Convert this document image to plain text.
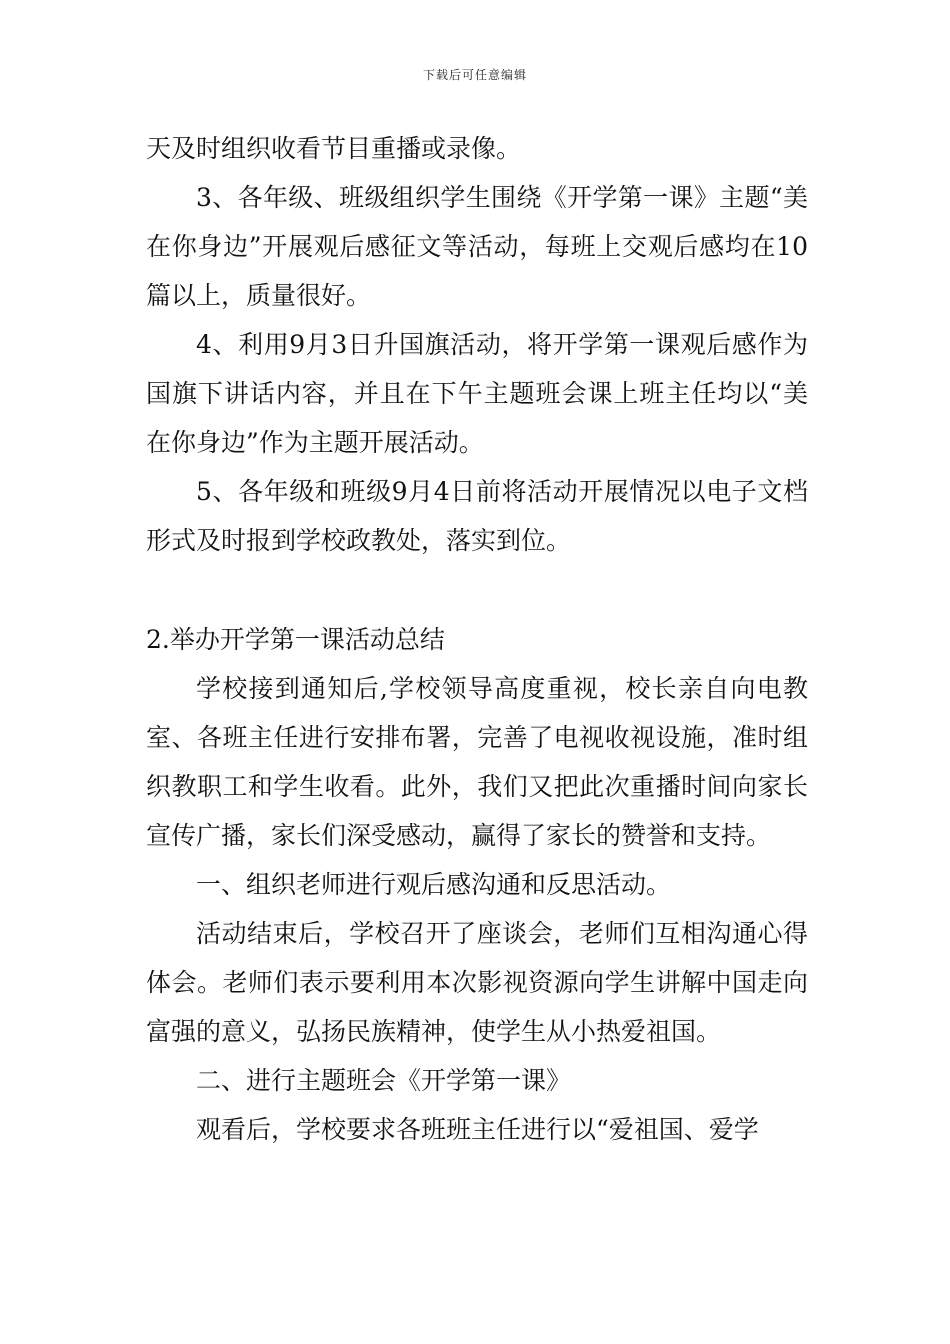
下载后可任意编辑

天及时组织收看节目重播或录像。

3、各年级、班级组织学生围绕《开学第一课》主题“美在你身边”开展观后感征文等活动，每班上交观后感均在10篇以上，质量很好。

4、利用9月3日升国旗活动，将开学第一课观后感作为国旗下讲话内容，并且在下午主题班会课上班主任均以“美在你身边”作为主题开展活动。

5、各年级和班级9月4日前将活动开展情况以电子文档形式及时报到学校政教处，落实到位。

2.举办开学第一课活动总结

学校接到通知后,学校领导高度重视，校长亲自向电教室、各班主任进行安排布署，完善了电视收视设施，准时组织教职工和学生收看。此外，我们又把此次重播时间向家长宣传广播，家长们深受感动，赢得了家长的赞誉和支持。

一、组织老师进行观后感沟通和反思活动。

活动结束后，学校召开了座谈会，老师们互相沟通心得体会。老师们表示要利用本次影视资源向学生讲解中国走向富强的意义，弘扬民族精神，使学生从小热爱祖国。

二、进行主题班会《开学第一课》

观看后，学校要求各班班主任进行以“爱祖国、爱学
